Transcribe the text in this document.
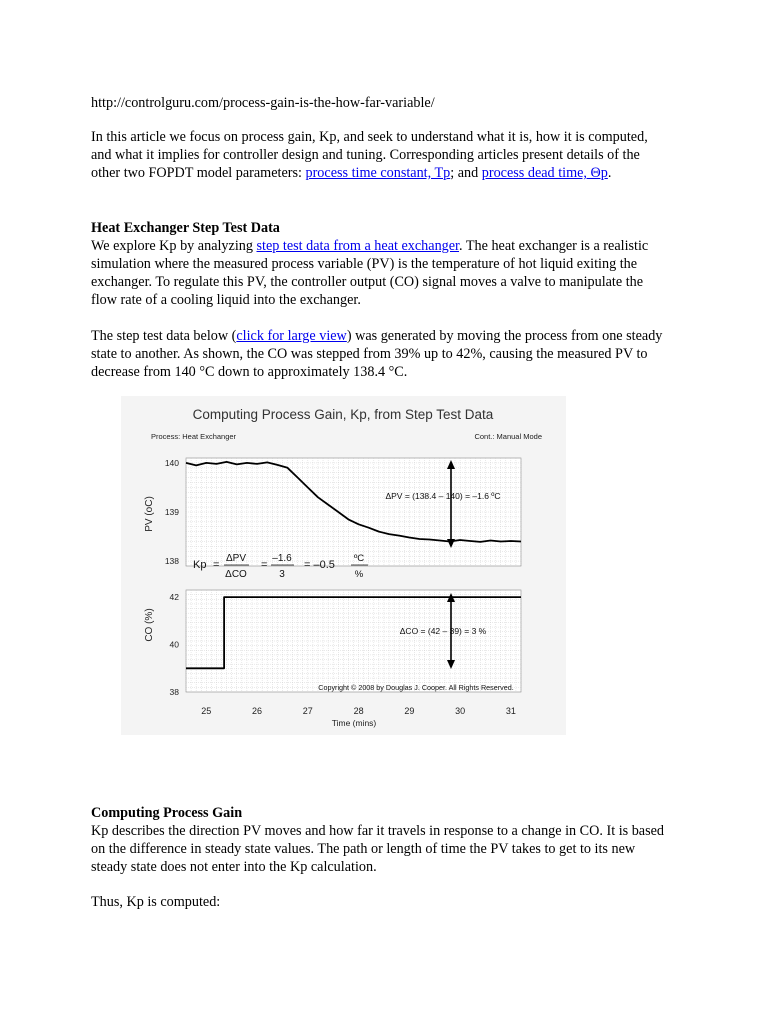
http://controlguru.com/process-gain-is-the-how-far-variable/

In this article we focus on process gain, Kp, and seek to understand what it is, how it is computed, and what it implies for controller design and tuning. Corresponding articles present details of the other two FOPDT model parameters: process time constant, Tp; and process dead time, Θp.

Heat Exchanger Step Test Data

We explore Kp by analyzing step test data from a heat exchanger. The heat exchanger is a realistic simulation where the measured process variable (PV) is the temperature of hot liquid exiting the exchanger. To regulate this PV, the controller output (CO) signal moves a valve to manipulate the flow rate of a cooling liquid into the exchanger.

The step test data below (click for large view) was generated by moving the process from one steady state to another. As shown, the CO was stepped from 39% up to 42%, causing the measured PV to decrease from 140 °C down to approximately 138.4 °C.

Computing Process Gain, Kp, from Step Test Data
Process: Heat Exchanger	Cont.: Manual Mode
PV (oC)
CO (%)
140
139
138
42
40
38
25	26	27	28	29	30	31
ΔPV = (138.4 – 140) = –1.6 ºC
ΔCO = (42 – 39) = 3 %
Kp =
ΔPV
ΔCO
=
–1.6
3
= –0.5
ºC
%
Copyright © 2008 by Douglas J. Cooper. All Rights Reserved.
Time (mins)

Computing Process Gain

Kp describes the direction PV moves and how far it travels in response to a change in CO. It is based on the difference in steady state values. The path or length of time the PV takes to get to its new steady state does not enter into the Kp calculation.

Thus, Kp is computed:
